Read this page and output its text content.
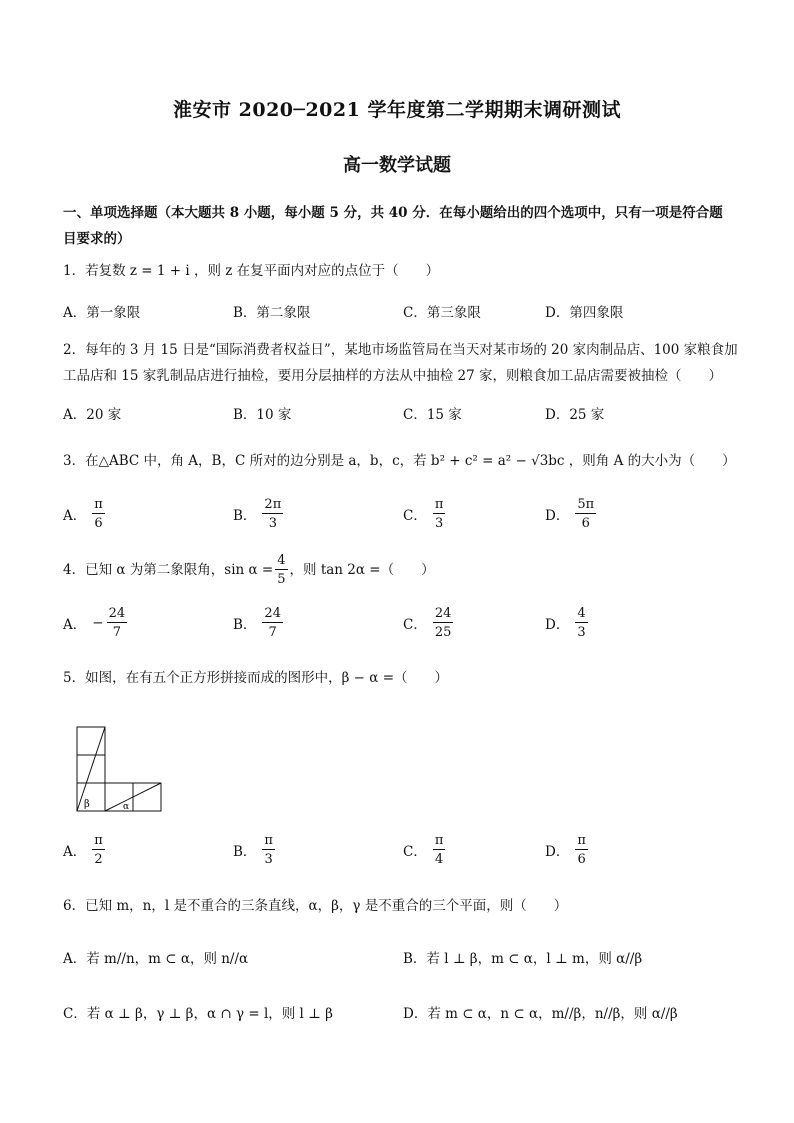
淮安市 2020─2021 学年度第二学期期末调研测试
高一数学试题
一、单项选择题（本大题共 8 小题，每小题 5 分，共 40 分．在每小题给出的四个选项中，只有一项是符合题目要求的）
1．若复数 z = 1 + i ，则 z 在复平面内对应的点位于（　　）
A．第一象限	B．第二象限	C．第三象限	D．第四象限
2．每年的 3 月 15 日是“国际消费者权益日”，某地市场监管局在当天对某市场的 20 家肉制品店、100 家粮食加工品店和 15 家乳制品店进行抽检，要用分层抽样的方法从中抽检 27 家，则粮食加工品店需要被抽检（　　）
A．20 家	B．10 家	C．15 家	D．25 家
3．在△ABC 中，角 A，B，C 所对的边分别是 a，b，c，若 b² + c² = a² − √3bc ，则角 A 的大小为（　　）
A． $\frac{\pi}{6}$	B． $\frac{2\pi}{3}$	C． $\frac{\pi}{3}$	D． $\frac{5\pi}{6}$
4．已知 α 为第二象限角，$\sin \alpha = \frac{4}{5}$ ，则 tan 2α =（　　）
A． − $\frac{24}{7}$	B． $\frac{24}{7}$	C． $\frac{24}{25}$	D． $\frac{4}{3}$
5．如图，在有五个正方形拼接而成的图形中，β − α =（　　）
β	α
A． $\frac{\pi}{2}$	B． $\frac{\pi}{3}$	C． $\frac{\pi}{4}$	D． $\frac{\pi}{6}$
6．已知 m，n，l 是不重合的三条直线，α，β，γ 是不重合的三个平面，则（　　）
A．若 m//n，m ⊂ α，则 n//α	B．若 l ⊥ β，m ⊂ α，l ⊥ m，则 α//β
C．若 α ⊥ β，γ ⊥ β，α ∩ γ = l，则 l ⊥ β	D．若 m ⊂ α，n ⊂ α，m//β，n//β，则 α//β
